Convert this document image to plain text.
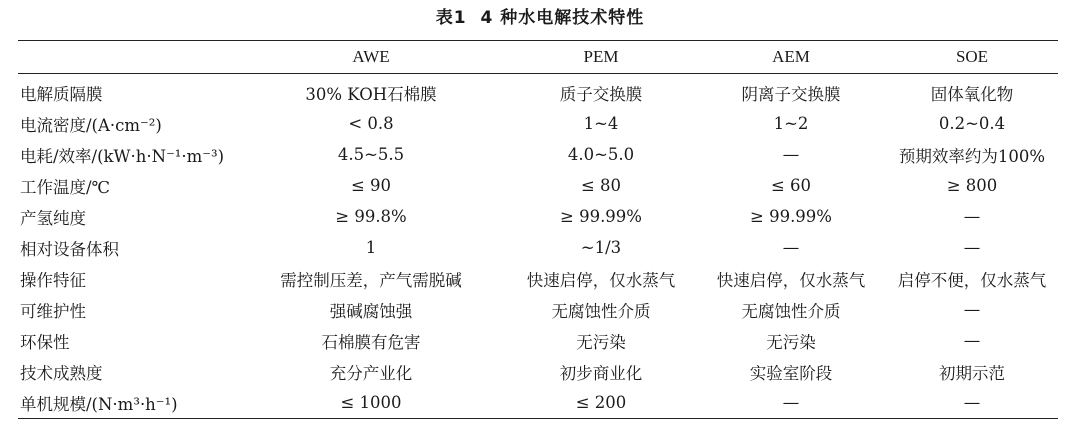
表1 4 种水电解技术特性
	AWE	PEM	AEM	SOE
电解质隔膜	30% KOH石棉膜	质子交换膜	阴离子交换膜	固体氧化物
电流密度/(A·cm⁻²)	< 0.8	1~4	1~2	0.2~0.4
电耗/效率/(kW·h·N⁻¹·m⁻³)	4.5~5.5	4.0~5.0	—	预期效率约为100%
工作温度/℃	≤ 90	≤ 80	≤ 60	≥ 800
产氢纯度	≥ 99.8%	≥ 99.99%	≥ 99.99%	—
相对设备体积	1	~1/3	—	—
操作特征	需控制压差，产气需脱碱	快速启停，仅水蒸气	快速启停，仅水蒸气	启停不便，仅水蒸气
可维护性	强碱腐蚀强	无腐蚀性介质	无腐蚀性介质	—
环保性	石棉膜有危害	无污染	无污染	—
技术成熟度	充分产业化	初步商业化	实验室阶段	初期示范
单机规模/(N·m³·h⁻¹)	≤ 1000	≤ 200	—	—
